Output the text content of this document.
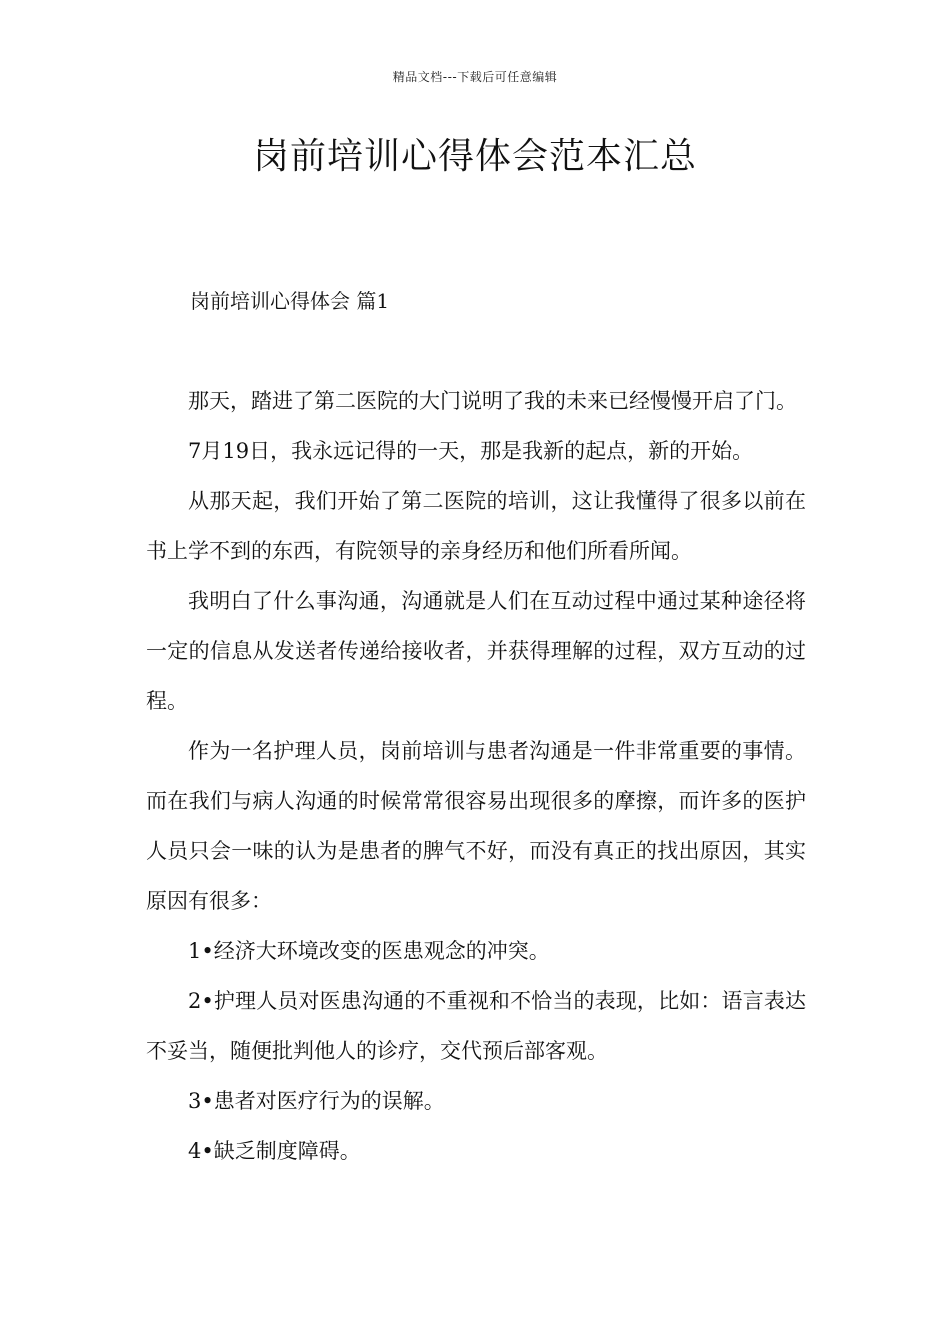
精品文档---下载后可任意编辑
岗前培训心得体会范本汇总
岗前培训心得体会 篇1

那天，踏进了第二医院的大门说明了我的未来已经慢慢开启了门。

7月19日，我永远记得的一天，那是我新的起点，新的开始。

从那天起，我们开始了第二医院的培训，这让我懂得了很多以前在书上学不到的东西，有院领导的亲身经历和他们所看所闻。

我明白了什么事沟通，沟通就是人们在互动过程中通过某种途径将一定的信息从发送者传递给接收者，并获得理解的过程，双方互动的过程。

作为一名护理人员，岗前培训与患者沟通是一件非常重要的事情。而在我们与病人沟通的时候常常很容易出现很多的摩擦，而许多的医护人员只会一味的认为是患者的脾气不好，而没有真正的找出原因，其实原因有很多：

1•经济大环境改变的医患观念的冲突。

2•护理人员对医患沟通的不重视和不恰当的表现，比如：语言表达不妥当，随便批判他人的诊疗，交代预后部客观。

3•患者对医疗行为的误解。

4•缺乏制度障碍。
